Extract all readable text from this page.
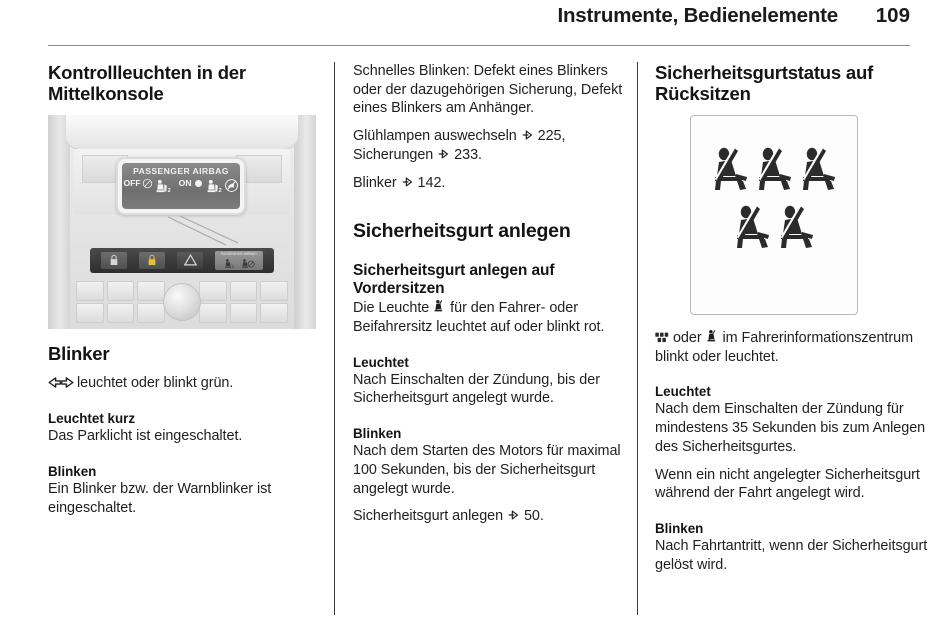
Instrumente, Bedienelemente 109
Kontrollleuchten in der Mittelkonsole
PASSENGER AIRBAG
OFF
2
ON
2
PASSENGER AIRBAG
2
Blinker

leuchtet oder blinkt grün.

Leuchtet kurz

Das Parklicht ist eingeschaltet.

Blinken

Ein Blinker bzw. der Warnblinker ist eingeschaltet.

Schnelles Blinken: Defekt eines Blinkers oder der dazugehörigen Sicherung, Defekt eines Blinkers am Anhänger.

Glühlampen auswechseln 225, Sicherungen 233.

Blinker 142.

Sicherheitsgurt anlegen
Sicherheitsgurt anlegen auf Vordersitzen

Die Leuchte für den Fahrer- oder Beifahrersitz leuchtet auf oder blinkt rot.

Leuchtet

Nach Einschalten der Zündung, bis der Sicherheitsgurt angelegt wurde.

Blinken

Nach dem Starten des Motors für maximal 100 Sekunden, bis der Sicherheitsgurt angelegt wurde.

Sicherheitsgurt anlegen 50.

Sicherheitsgurtstatus auf Rücksitzen

oder im Fahrerinformationszentrum blinkt oder leuchtet.

Leuchtet

Nach dem Einschalten der Zündung für mindestens 35 Sekunden bis zum Anlegen des Sicherheitsgurtes.

Wenn ein nicht angelegter Sicherheitsgurt während der Fahrt angelegt wird.

Blinken

Nach Fahrtantritt, wenn der Sicherheitsgurt gelöst wird.
